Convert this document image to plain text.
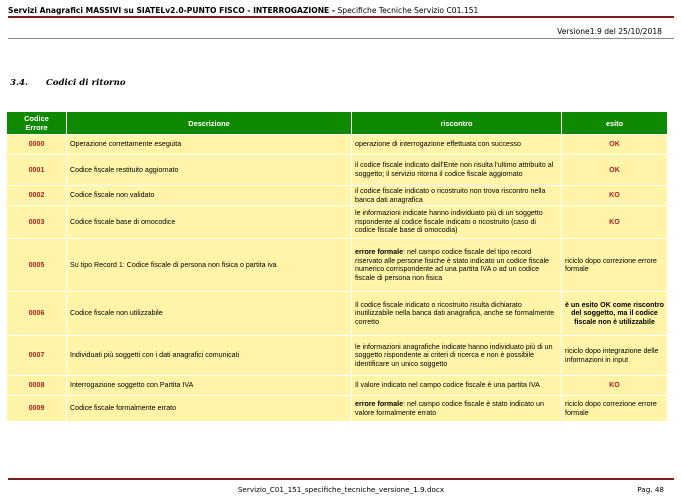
Servizi Anagrafici MASSIVI su SIATELv2.0-PUNTO FISCO - INTERROGAZIONE - Specifiche Tecniche Servizio C01.151
Versione1.9 del 25/10/2018
3.4. Codici di ritorno
Codice
Errore	Descrizione	riscontro	esito
0000	Operazione correttamente eseguita	operazione di interrogazione effettuata con successo	OK
0001	Codice fiscale restituito aggiornato	il codice fiscale indicato dall'Ente non risulta l'ultimo attribuito al soggetto; il servizio ritorna il codice fiscale aggiornato	OK
0002	Codice fiscale non validato	il codice fiscale indicato o ricostruito non trova riscontro nella banca dati anagrafica	KO
0003	Codice fiscale base di omocodice	le informazioni indicate hanno individuato più di un soggetto rispondente al codice fiscale indicato o ricostruito (caso di codice fiscale base di omocodia)	KO
0005	Su tipo Record 1: Codice fiscale di persona non fisica o partita iva	errore formale: nel campo codice fiscale del tipo record riservato alle persone fisiche è stato indicato un codice fiscale numerico corrispondente ad una partita IVA o ad un codice fiscale di persona non fisica	riciclo dopo correzione errore formale
0006	Codice fiscale non utilizzabile	Il codice fiscale indicato o ricostruito risulta dichiarato inutilizzabile nella banca dati anagrafica, anche se formalmente corretto	è un esito OK come riscontro del soggetto, ma il codice fiscale non è utilizzabile
0007	Individuati più soggetti con i dati anagrafici comunicati	le informazioni anagrafiche indicate hanno individuato più di un soggetto rispondente ai criteri di ricerca e non è possibile identificare un unico soggetto	riciclo dopo integrazione delle informazioni in input
0008	Interrogazione soggetto con Partita IVA	Il valore indicato nel campo codice fiscale è una partita IVA	KO
0009	Codice fiscale formalmente errato	errore formale: nel campo codice fiscale è stato indicato un valore formalmente errato	riciclo dopo correzione errore formale
Servizio_C01_151_specifiche_tecniche_versione_1.9.docx	Pag. 48
